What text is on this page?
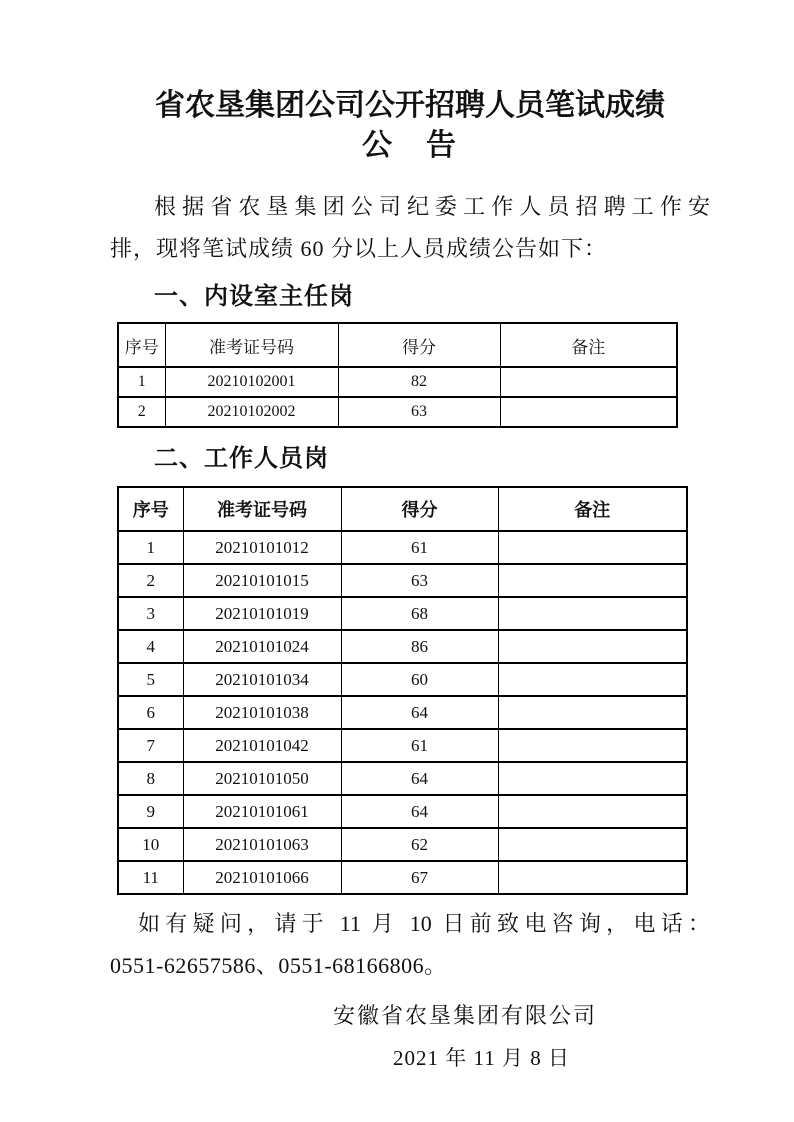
省农垦集团公司公开招聘人员笔试成绩
公　告
根据省农垦集团公司纪委工作人员招聘工作安
排，现将笔试成绩 60 分以上人员成绩公告如下：
一、内设室主任岗
序号	准考证号码	得分	备注
1	20210102001	82	
2	20210102002	63	
二、工作人员岗
序号	准考证号码	得分	备注
1	20210101012	61	
2	20210101015	63	
3	20210101019	68	
4	20210101024	86	
5	20210101034	60	
6	20210101038	64	
7	20210101042	61	
8	20210101050	64	
9	20210101061	64	
10	20210101063	62	
11	20210101066	67	
如有疑问，请于 11 月 10 日前致电咨询，电话：
0551-62657586、0551-68166806。
安徽省农垦集团有限公司
2021 年 11 月 8 日
